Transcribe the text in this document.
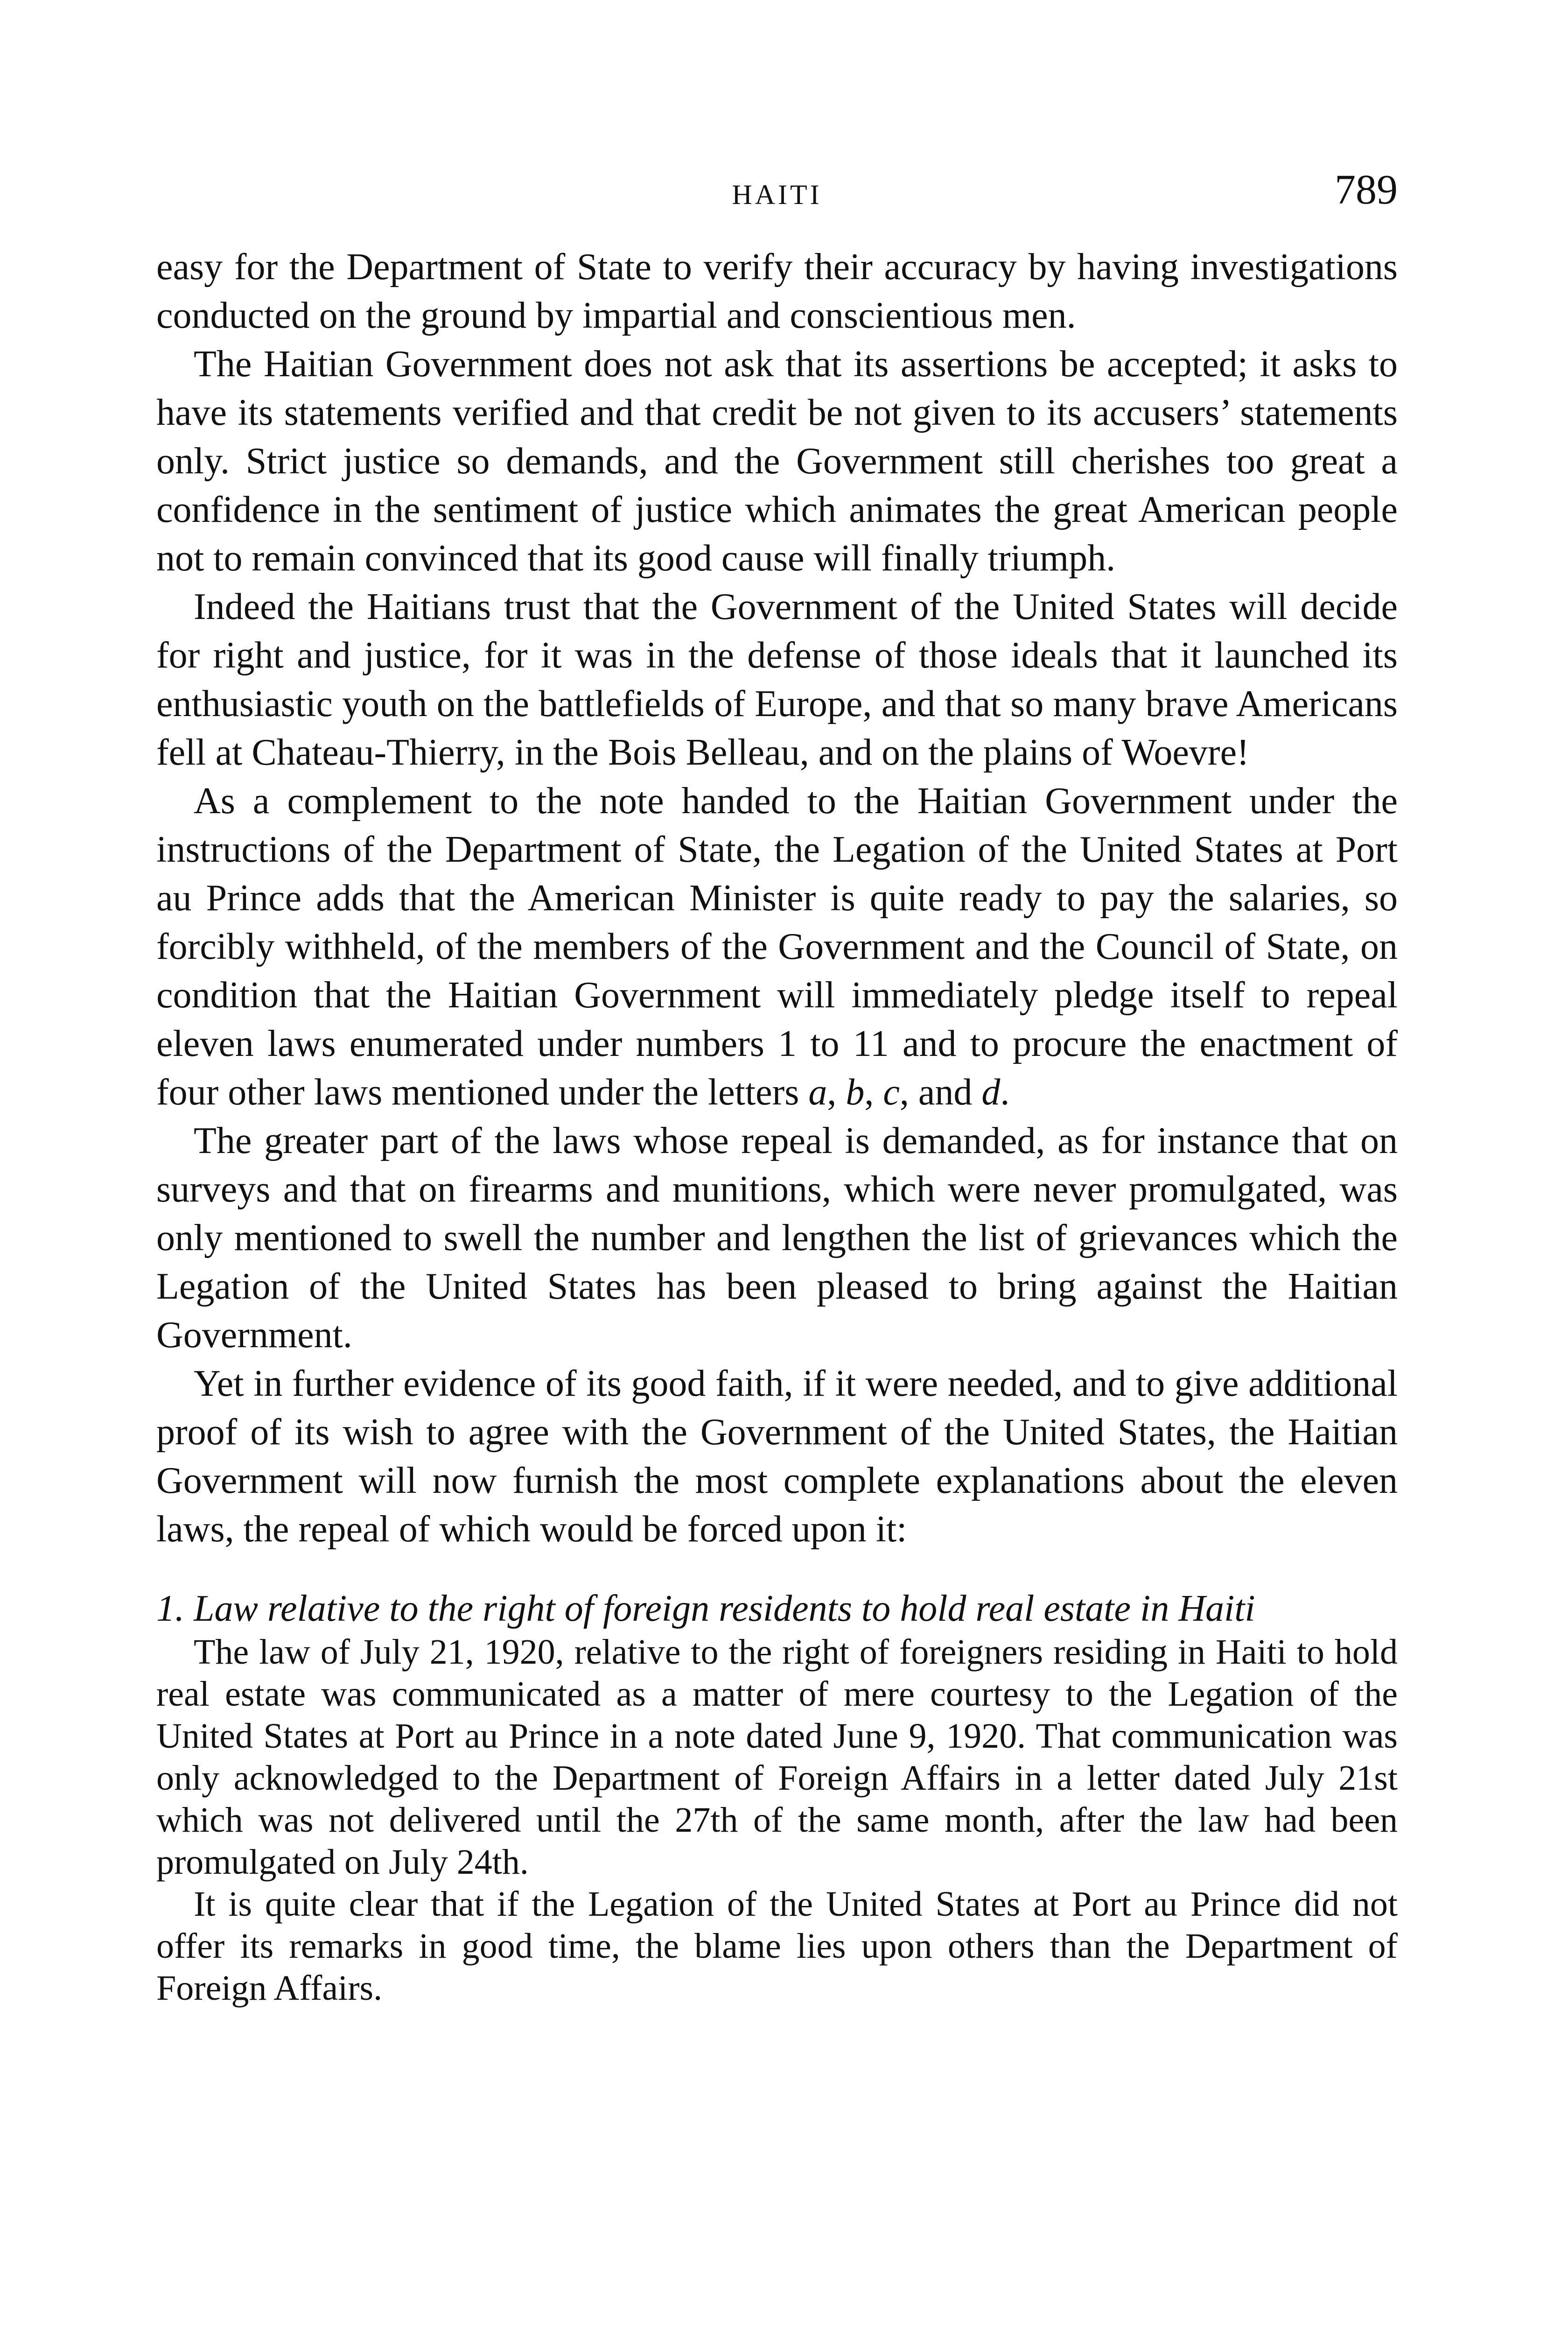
HAITI	789

easy for the Department of State to verify their accuracy by having investigations conducted on the ground by impartial and conscientious men.

The Haitian Government does not ask that its assertions be accepted; it asks to have its statements verified and that credit be not given to its accusers’ statements only. Strict justice so demands, and the Government still cherishes too great a confidence in the sentiment of justice which animates the great American people not to remain convinced that its good cause will finally triumph.

Indeed the Haitians trust that the Government of the United States will decide for right and justice, for it was in the defense of those ideals that it launched its enthusiastic youth on the battlefields of Europe, and that so many brave Americans fell at Chateau-Thierry, in the Bois Belleau, and on the plains of Woevre!

As a complement to the note handed to the Haitian Government under the instructions of the Department of State, the Legation of the United States at Port au Prince adds that the American Minister is quite ready to pay the salaries, so forcibly withheld, of the members of the Government and the Council of State, on condition that the Haitian Government will immediately pledge itself to repeal eleven laws enumerated under numbers 1 to 11 and to procure the enactment of four other laws mentioned under the letters a, b, c, and d.

The greater part of the laws whose repeal is demanded, as for instance that on surveys and that on firearms and munitions, which were never promulgated, was only mentioned to swell the number and lengthen the list of grievances which the Legation of the United States has been pleased to bring against the Haitian Government.

Yet in further evidence of its good faith, if it were needed, and to give additional proof of its wish to agree with the Government of the United States, the Haitian Government will now furnish the most complete explanations about the eleven laws, the repeal of which would be forced upon it:

1. Law relative to the right of foreign residents to hold real estate in Haiti

The law of July 21, 1920, relative to the right of foreigners residing in Haiti to hold real estate was communicated as a matter of mere courtesy to the Legation of the United States at Port au Prince in a note dated June 9, 1920. That communication was only acknowledged to the Department of Foreign Affairs in a letter dated July 21st which was not delivered until the 27th of the same month, after the law had been promulgated on July 24th.

It is quite clear that if the Legation of the United States at Port au Prince did not offer its remarks in good time, the blame lies upon others than the Department of Foreign Affairs.
